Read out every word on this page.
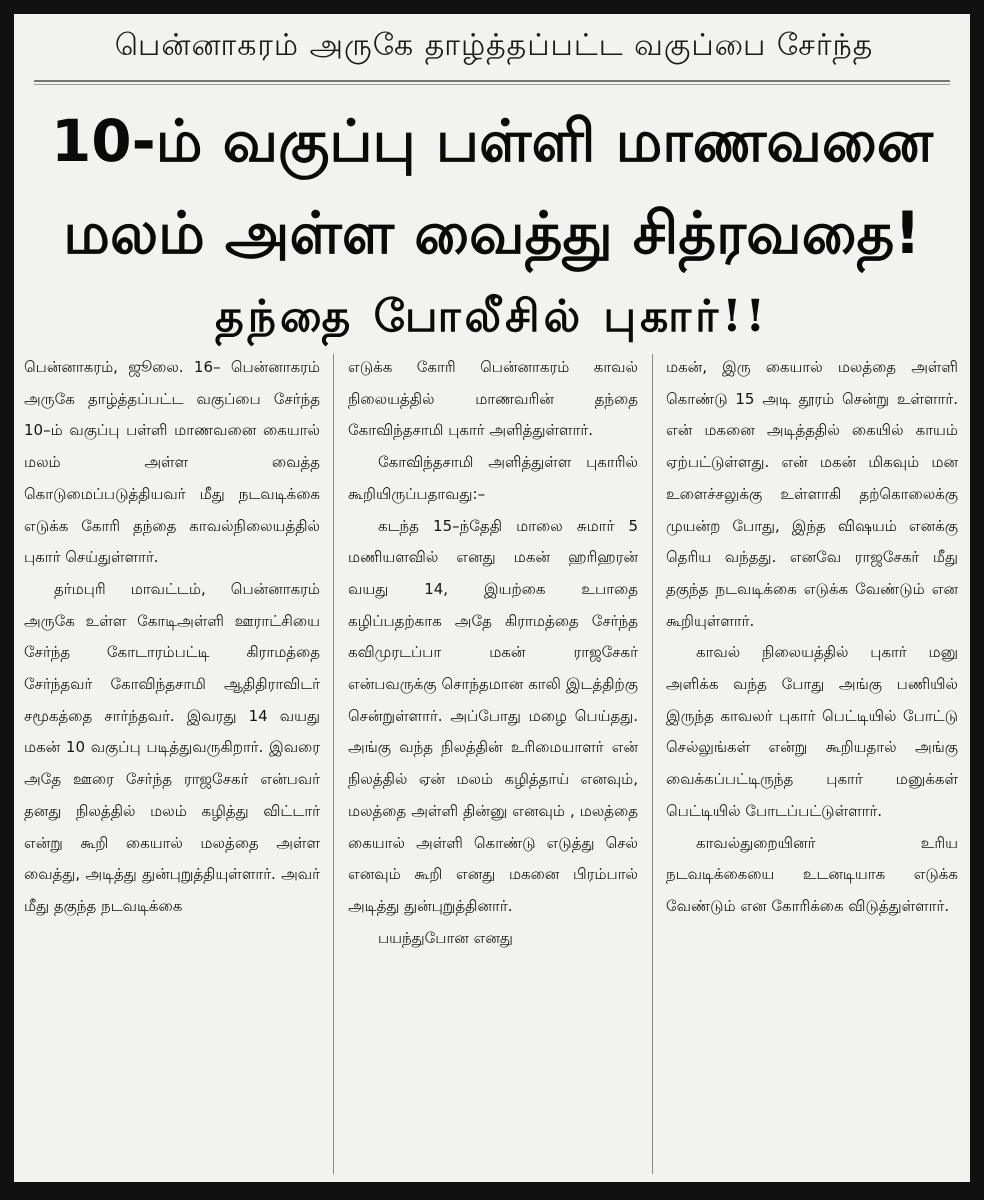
பென்னாகரம் அருகே தாழ்த்தப்பட்ட வகுப்பை சேர்ந்த
10-ம் வகுப்பு பள்ளி மாணவனை
மலம் அள்ள வைத்து சித்ரவதை!
தந்தை போலீசில் புகார்!!

பென்னாகரம், ஜூலை. 16– பென்னாகரம் அருகே தாழ்த்தப்பட்ட வகுப்பை சேர்ந்த 10–ம் வகுப்பு பள்ளி மாணவனை கையால் மலம் அள்ள வைத்த கொடுமைப்படுத்தியவர் மீது நடவடிக்கை எடுக்க கோரி தந்தை காவல்நிலையத்தில் புகார் செய்துள்ளார்.

தர்மபுரி மாவட்டம், பென்னாகரம் அருகே உள்ள கோடிஅள்ளி ஊராட்சியை சேர்ந்த கோடாரம்பட்டி கிராமத்தை சேர்ந்தவர் கோவிந்தசாமி ஆதிதிராவிடர் சமூகத்தை சார்ந்தவர். இவரது 14 வயது மகன் 10 வகுப்பு படித்துவருகிறார். இவரை அதே ஊரை சேர்ந்த ராஜசேகர் என்பவர் தனது நிலத்தில் மலம் கழித்து விட்டார் என்று கூறி கையால் மலத்தை அள்ள வைத்து, அடித்து துன்புறுத்தியுள்ளார். அவர் மீது தகுந்த நடவடிக்கை

எடுக்க கோரி பென்னாகரம் காவல் நிலையத்தில் மாணவரின் தந்தை கோவிந்தசாமி புகார் அளித்துள்ளார்.

கோவிந்தசாமி அளித்துள்ள புகாரில் கூறியிருப்பதாவது:–

கடந்த 15–ந்தேதி மாலை சுமார் 5 மணியளவில் எனது மகன் ஹரிஹரன் வயது 14, இயற்கை உபாதை கழிப்பதற்காக அதே கிராமத்தை சேர்ந்த கவிமுரடப்பா மகன் ராஜசேகர் என்பவருக்கு சொந்தமான காலி இடத்திற்கு சென்றுள்ளார். அப்போது மழை பெய்தது. அங்கு வந்த நிலத்தின் உரிமையாளர் என் நிலத்தில் ஏன் மலம் கழித்தாய் எனவும், மலத்தை அள்ளி தின்னு எனவும் , மலத்தை கையால் அள்ளி கொண்டு எடுத்து செல் எனவும் கூறி எனது மகனை பிரம்பால் அடித்து துன்புறுத்தினார்.

பயந்துபோன எனது

மகன், இரு கையால் மலத்தை அள்ளி கொண்டு 15 அடி தூரம் சென்று உள்ளார். என் மகனை அடித்ததில் கையில் காயம் ஏற்பட்டுள்ளது. என் மகன் மிகவும் மன உளைச்சலுக்கு உள்ளாகி தற்கொலைக்கு முயன்ற போது, இந்த விஷயம் எனக்கு தெரிய வந்தது. எனவே ராஜசேகர் மீது தகுந்த நடவடிக்கை எடுக்க வேண்டும் என கூறியுள்ளார்.

காவல் நிலையத்தில் புகார் மனு அளிக்க வந்த போது அங்கு பணியில் இருந்த காவலர் புகார் பெட்டியில் போட்டு செல்லுங்கள் என்று கூறியதால் அங்கு வைக்கப்பட்டிருந்த புகார் மனுக்கள் பெட்டியில் போடப்பட்டுள்ளார்.

காவல்துறையினர் உரிய நடவடிக்கையை உடனடியாக எடுக்க வேண்டும் என கோரிக்கை விடுத்துள்ளார்.
